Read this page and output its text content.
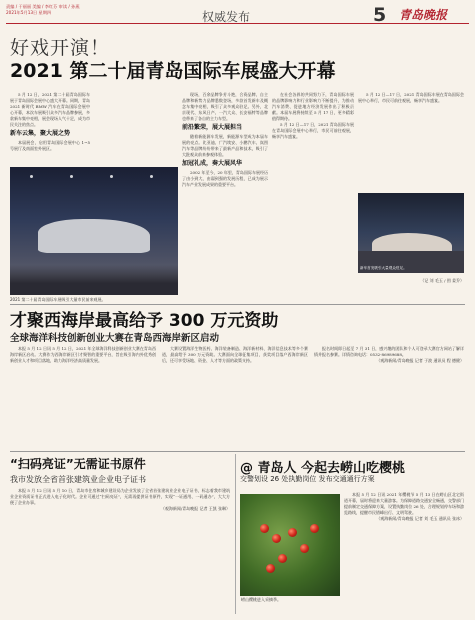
责编 / 于丽丽 美编 / 李红芬 审读 / 孙燕
2021年5月13日 星期四	权威发布	5 青岛晚报
好戏开演！
2021 第二十届青岛国际车展盛大开幕

5 月 12 日，2021 第二十届青岛国际车展于青岛国际会展中心盛大开幕。同期，青岛 2021 新时代 BMW 汽车在青岛国际会展中心开幕，本次车展吸引众多汽车品牌参展，多款新车集中亮相，展会现场人气十足，成为市民关注的焦点。

新车云集，聚大展之势

本届展会，启用青岛国际会展中心 1~5 号展厅及南面室外展区。

现场，百余品牌争芳斗艳，合资品牌、自主品牌和新势力品牌悉数登场，多款首发新车及概念车集中亮相，吸引了众多观众驻足。另外，北京现代、东风日产、一汽大众、长安福特等品牌也带来了各自的主力车型。

前沿繁荣，展大展担当

随着新能源车发展，新能源车型成为本届车展的亮点。比亚迪、广汽埃安、小鹏汽车、岚图汽车等品牌纷纷带来了最新产品和技术，吸引了大批观众前来参观体验。

加冠礼成，奏大展风华

2002 年至今，20 年里，青岛国际车展经历了由小到大、由弱到强的发展历程，已成为展示汽车产业发展成果的重要平台。

在社会各界的共同努力下，青岛国际车展的品牌影响力和行业影响力不断提升，为推动汽车消费、促进地方经济发展作出了积极贡献。本届车展将持续至 5 月 17 日，更多精彩值得期待。

5 月 12 日—17 日，2021 青岛国际车展在青岛国际会展中心举行，市民可前往观展，畅享汽车盛宴。

5 月 12 日—17 日，2021 青岛国际车展在青岛国际会展中心举行，市民可前往观展，畅享汽车盛宴。

新车首发吸引大量观众驻足。
（记 刘 毛玉 / 图 姜乔）
2021 第二十届青岛国际车展吸引大量市民前来观展。
才聚西海岸最高给予 300 万元资助
全球海洋科技创新创业大赛在青岛西海岸新区启动

本报 5 月 12 日讯 5 月 12 日，2021 年全球海洋科技创新创业大赛在青岛西海岸新区启动。大赛作为西海岸新区引才聚智的重要平台，旨在吸引海内外优秀创新创业人才和项目落地，助力海洋经济高质量发展。

大赛设置海洋生物医药、海洋装备制造、海洋新材料、海洋信息技术等多个赛道，最高给予 300 万元资助。大赛面向全球征集项目，获奖项目落户西海岸新区后，还可享受场地、资金、人才等方面的政策支持。

报名时间即日起至 7 月 31 日，感兴趣的团队和个人可登录大赛官方网站了解详情并报名参赛。详情咨询电话：0532-86989688。

（观海新闻/青岛晚报 记者 于波 通讯员 程 德健）

“扫码亮证”无需证书原件
我市发放全省首张建筑业企业电子证书

本报 5 月 12 日讯 5 月 10 日，青岛市住房和城乡建设局为企业发放了全省首张建筑业企业电子证书，标志着我市建筑业企业资质证书正式进入电子化时代。企业可通过“扫码亮证”，无需再提供证书原件，实现“一证通用、一码通办”，大大方便了企业办事。

（观海新闻/青岛晚报 记者 王凯 张琳）

@ 青岛人 今起去崂山吃樱桃
交警划设 26 处执勤岗位 发布交通通行方案
崂山樱桃进入采摘季。

本报 5 月 12 日讯 2021 年樱桃节 5 月 13 日在崂山区北宅街道开幕，届时将迎来大量游客。为保障道路交通安全畅通，交警部门提前制定交通保障方案，设置执勤岗位 26 处，合理规划停车场和游览路线，提醒市民错峰出行、文明驾驶。

（观海新闻/青岛晚报 记者 刘 毛玉 通讯员 张冰）
